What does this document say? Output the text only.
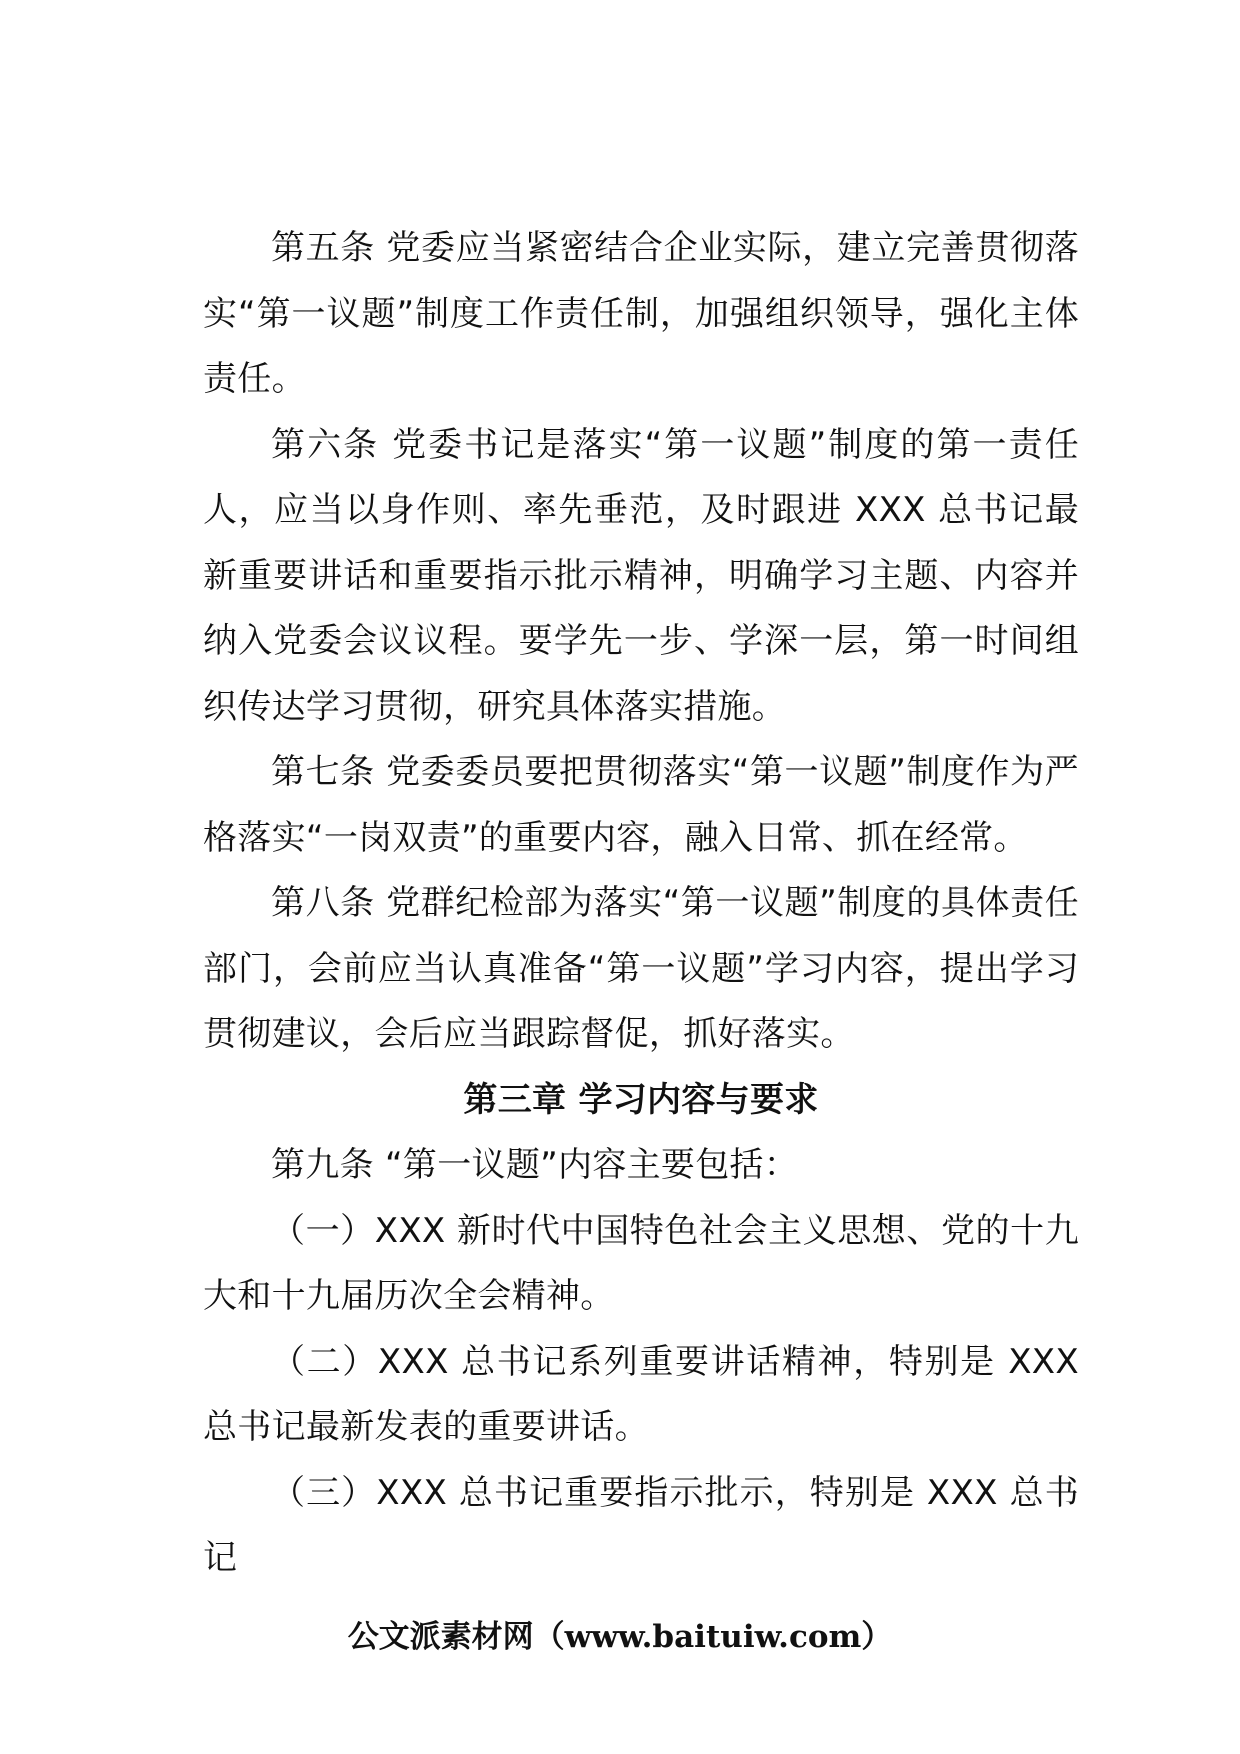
第五条 党委应当紧密结合企业实际，建立完善贯彻落实“第一议题”制度工作责任制，加强组织领导，强化主体责任。

第六条 党委书记是落实“第一议题”制度的第一责任人，应当以身作则、率先垂范，及时跟进 XXX 总书记最新重要讲话和重要指示批示精神，明确学习主题、内容并纳入党委会议议程。要学先一步、学深一层，第一时间组织传达学习贯彻，研究具体落实措施。

第七条 党委委员要把贯彻落实“第一议题”制度作为严格落实“一岗双责”的重要内容，融入日常、抓在经常。

第八条 党群纪检部为落实“第一议题”制度的具体责任部门，会前应当认真准备“第一议题”学习内容，提出学习贯彻建议，会后应当跟踪督促，抓好落实。

第三章 学习内容与要求

第九条 “第一议题”内容主要包括：

（一）XXX 新时代中国特色社会主义思想、党的十九大和十九届历次全会精神。

（二）XXX 总书记系列重要讲话精神，特别是 XXX 总书记最新发表的重要讲话。

（三）XXX 总书记重要指示批示，特别是 XXX 总书记

公文派素材网（www.baituiw.com）
